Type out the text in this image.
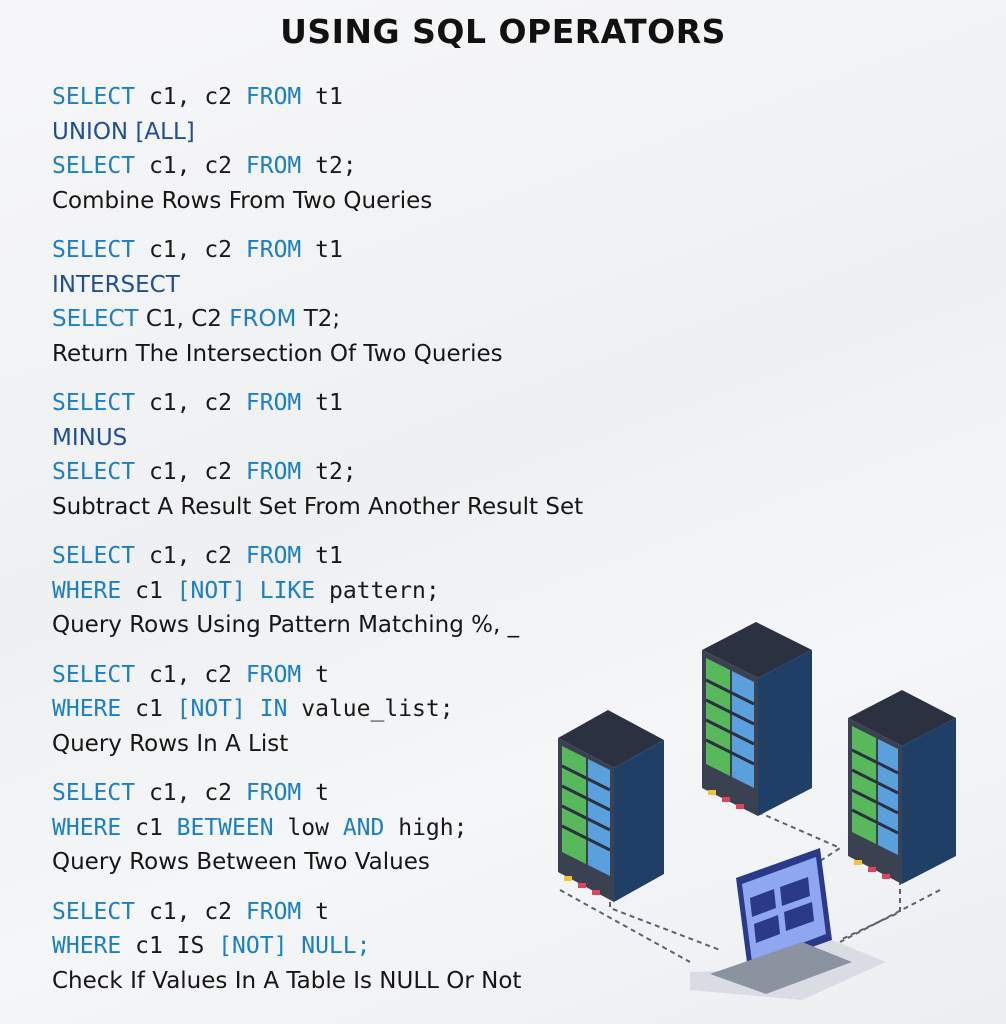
USING SQL OPERATORS
SELECT c1, c2 FROM t1
UNION [ALL]
SELECT c1, c2 FROM t2;
Combine Rows From Two Queries
SELECT c1, c2 FROM t1
INTERSECT
SELECT C1, C2 FROM T2;
Return The Intersection Of Two Queries
SELECT c1, c2 FROM t1
MINUS
SELECT c1, c2 FROM t2;
Subtract A Result Set From Another Result Set
SELECT c1, c2 FROM t1
WHERE c1 [NOT] LIKE pattern;
Query Rows Using Pattern Matching %, _
SELECT c1, c2 FROM t
WHERE c1 [NOT] IN value_list;
Query Rows In A List
SELECT c1, c2 FROM t
WHERE c1 BETWEEN low AND high;
Query Rows Between Two Values
SELECT c1, c2 FROM t
WHERE c1 IS [NOT] NULL;
Check If Values In A Table Is NULL Or Not
